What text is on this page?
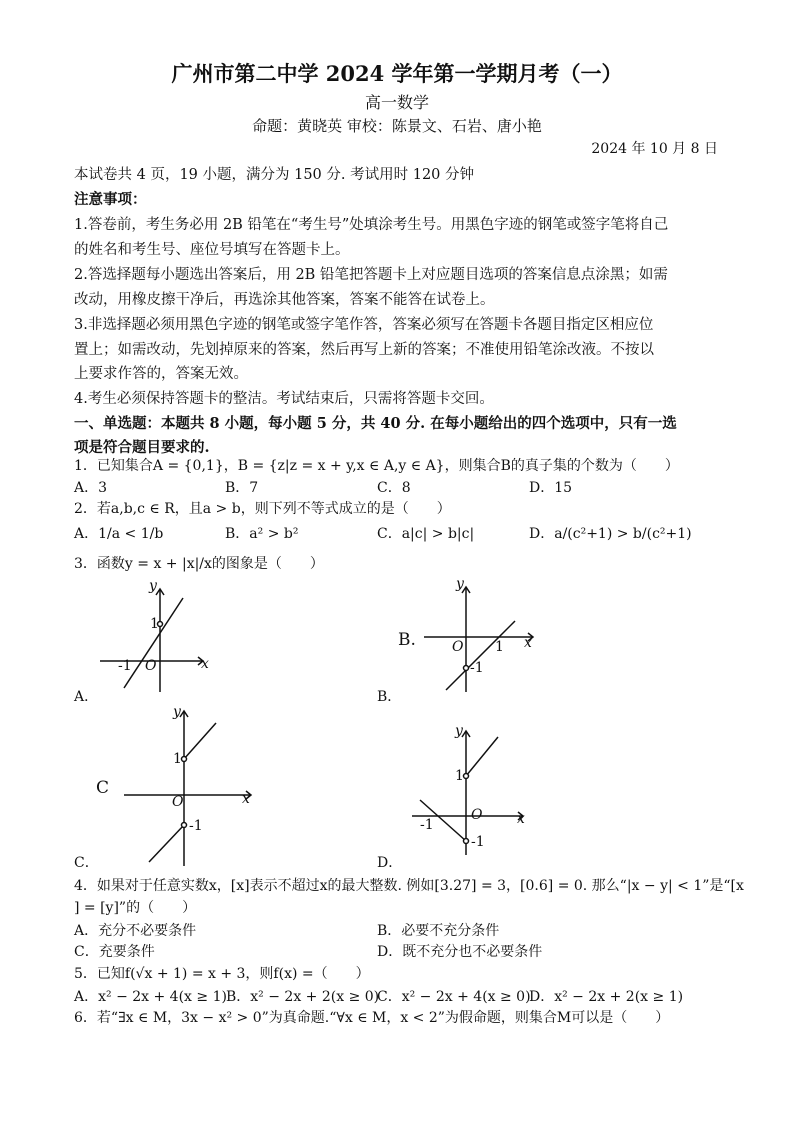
广州市第二中学 2024 学年第一学期月考（一）
高一数学
命题：黄晓英 审校：陈景文、石岩、唐小艳
2024 年 10 月 8 日
本试卷共 4 页，19 小题，满分为 150 分. 考试用时 120 分钟
注意事项：
1.答卷前，考生务必用 2B 铅笔在“考生号”处填涂考生号。用黑色字迹的钢笔或签字笔将自己
的姓名和考生号、座位号填写在答题卡上。
2.答选择题每小题选出答案后，用 2B 铅笔把答题卡上对应题目选项的答案信息点涂黑；如需
改动，用橡皮擦干净后，再选涂其他答案，答案不能答在试卷上。
3.非选择题必须用黑色字迹的钢笔或签字笔作答，答案必须写在答题卡各题目指定区相应位
置上；如需改动，先划掉原来的答案，然后再写上新的答案；不准使用铅笔涂改液。不按以
上要求作答的，答案无效。
4.考生必须保持答题卡的整洁。考试结束后，只需将答题卡交回。
一、单选题：本题共 8 小题，每小题 5 分，共 40 分. 在每小题给出的四个选项中，只有一选
项是符合题目要求的.
1．已知集合A = {0,1}，B = {z|z = x + y,x ∈ A,y ∈ A}，则集合B的真子集的个数为（　　）
A．3	B．7	C．8	D．15
2．若a,b,c ∈ R，且a > b，则下列不等式成立的是（　　）
A．1/a < 1/b	B．a² > b²	C．a|c| > b|c|	D．a/(c²+1) > b/(c²+1)
3．函数y = x + |x|/x的图象是（　　）
y
x
O
1
-1
y
x
O 1
-1
B.
y
x
O
1
-1
C
y
x
O
1
-1
-1
A．	B．
C．	D．
4．如果对于任意实数x，[x]表示不超过x的最大整数. 例如[3.27] = 3，[0.6] = 0. 那么“|x − y| < 1”是“[x
] = [y]”的（　　）
A．充分不必要条件	B．必要不充分条件
C．充要条件	D．既不充分也不必要条件
5．已知f(√x + 1) = x + 3，则f(x) =（　　）
A．x² − 2x + 4(x ≥ 1) B．x² − 2x + 2(x ≥ 0)
C．x² − 2x + 4(x ≥ 0)
D．x² − 2x + 2(x ≥ 1)
6．若“∃x ∈ M，3x − x² > 0”为真命题.“∀x ∈ M，x < 2”为假命题，则集合M可以是（　　）
